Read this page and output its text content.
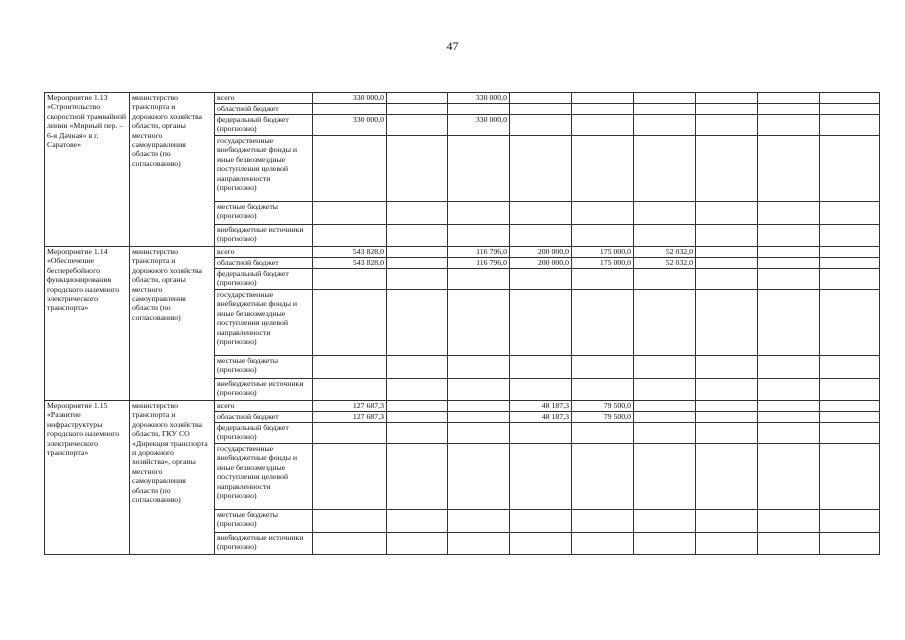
47
Мероприятие 1.13 «Строительство скоростной трамвайной линии «Мирный пер. – 6-я Дачная» в г. Саратове»	министерство транспорта и дорожного хозяйства области, органы местного самоуправления области (по согласованию)	всего	330 000,0		330 000,0						
		областной бюджет									
		федеральный бюджет (прогнозно)	330 000,0		330 000,0						
		государственные внебюджетные фонды и иные безвозмездные поступления целевой направленности (прогнозно)									
		местные бюджеты (прогнозно)									
		внебюджетные источники (прогнозно)									
Мероприятие 1.14 «Обеспечение бесперебойного функционирования городского наземного электрического транспорта»	министерство транспорта и дорожного хозяйства области, органы местного самоуправления области (по согласованию)	всего	543 828,0		116 796,0	200 000,0	175 000,0	52 032,0			
		областной бюджет	543 828,0		116 796,0	200 000,0	175 000,0	52 032,0			
		федеральный бюджет (прогнозно)									
		государственные внебюджетные фонды и иные безвозмездные поступления целевой направленности (прогнозно)									
		местные бюджеты (прогнозно)									
		внебюджетные источники (прогнозно)									
Мероприятие 1.15 «Развитие инфраструктуры городского наземного электрического транспорта»	министерство транспорта и дорожного хозяйства области, ГКУ СО «Дирекция транспорта и дорожного хозяйства», органы местного самоуправления области (по согласованию)	всего	127 687,3			48 187,3	79 500,0				
		областной бюджет	127 687,3			48 187,3	79 500,0				
		федеральный бюджет (прогнозно)									
		государственные внебюджетные фонды и иные безвозмездные поступления целевой направленности (прогнозно)									
		местные бюджеты (прогнозно)									
		внебюджетные источники (прогнозно)									
